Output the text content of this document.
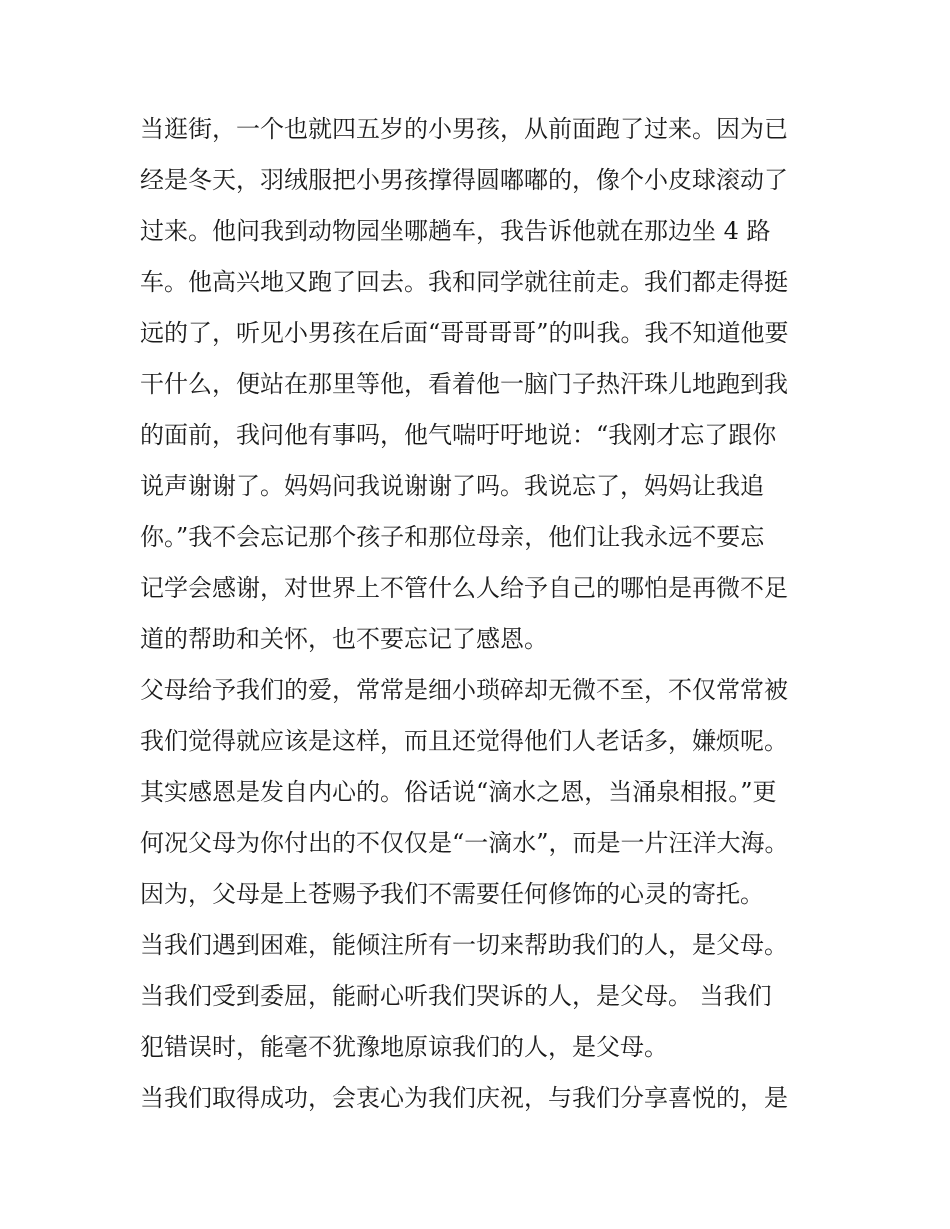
当逛街，一个也就四五岁的小男孩，从前面跑了过来。因为已
经是冬天，羽绒服把小男孩撑得圆嘟嘟的，像个小皮球滚动了
过来。他问我到动物园坐哪趟车，我告诉他就在那边坐 4 路
车。他高兴地又跑了回去。我和同学就往前走。我们都走得挺
远的了，听见小男孩在后面“哥哥哥哥”的叫我。我不知道他要
干什么，便站在那里等他，看着他一脑门子热汗珠儿地跑到我
的面前，我问他有事吗，他气喘吁吁地说：“我刚才忘了跟你
说声谢谢了。妈妈问我说谢谢了吗。我说忘了，妈妈让我追
你。”我不会忘记那个孩子和那位母亲，他们让我永远不要忘
记学会感谢，对世界上不管什么人给予自己的哪怕是再微不足
道的帮助和关怀，也不要忘记了感恩。
父母给予我们的爱，常常是细小琐碎却无微不至，不仅常常被
我们觉得就应该是这样，而且还觉得他们人老话多，嫌烦呢。
其实感恩是发自内心的。俗话说“滴水之恩，当涌泉相报。”更
何况父母为你付出的不仅仅是“一滴水”，而是一片汪洋大海。
因为，父母是上苍赐予我们不需要任何修饰的心灵的寄托。
当我们遇到困难，能倾注所有一切来帮助我们的人，是父母。
当我们受到委屈，能耐心听我们哭诉的人，是父母。 当我们
犯错误时，能毫不犹豫地原谅我们的人，是父母。
当我们取得成功，会衷心为我们庆祝，与我们分享喜悦的，是
